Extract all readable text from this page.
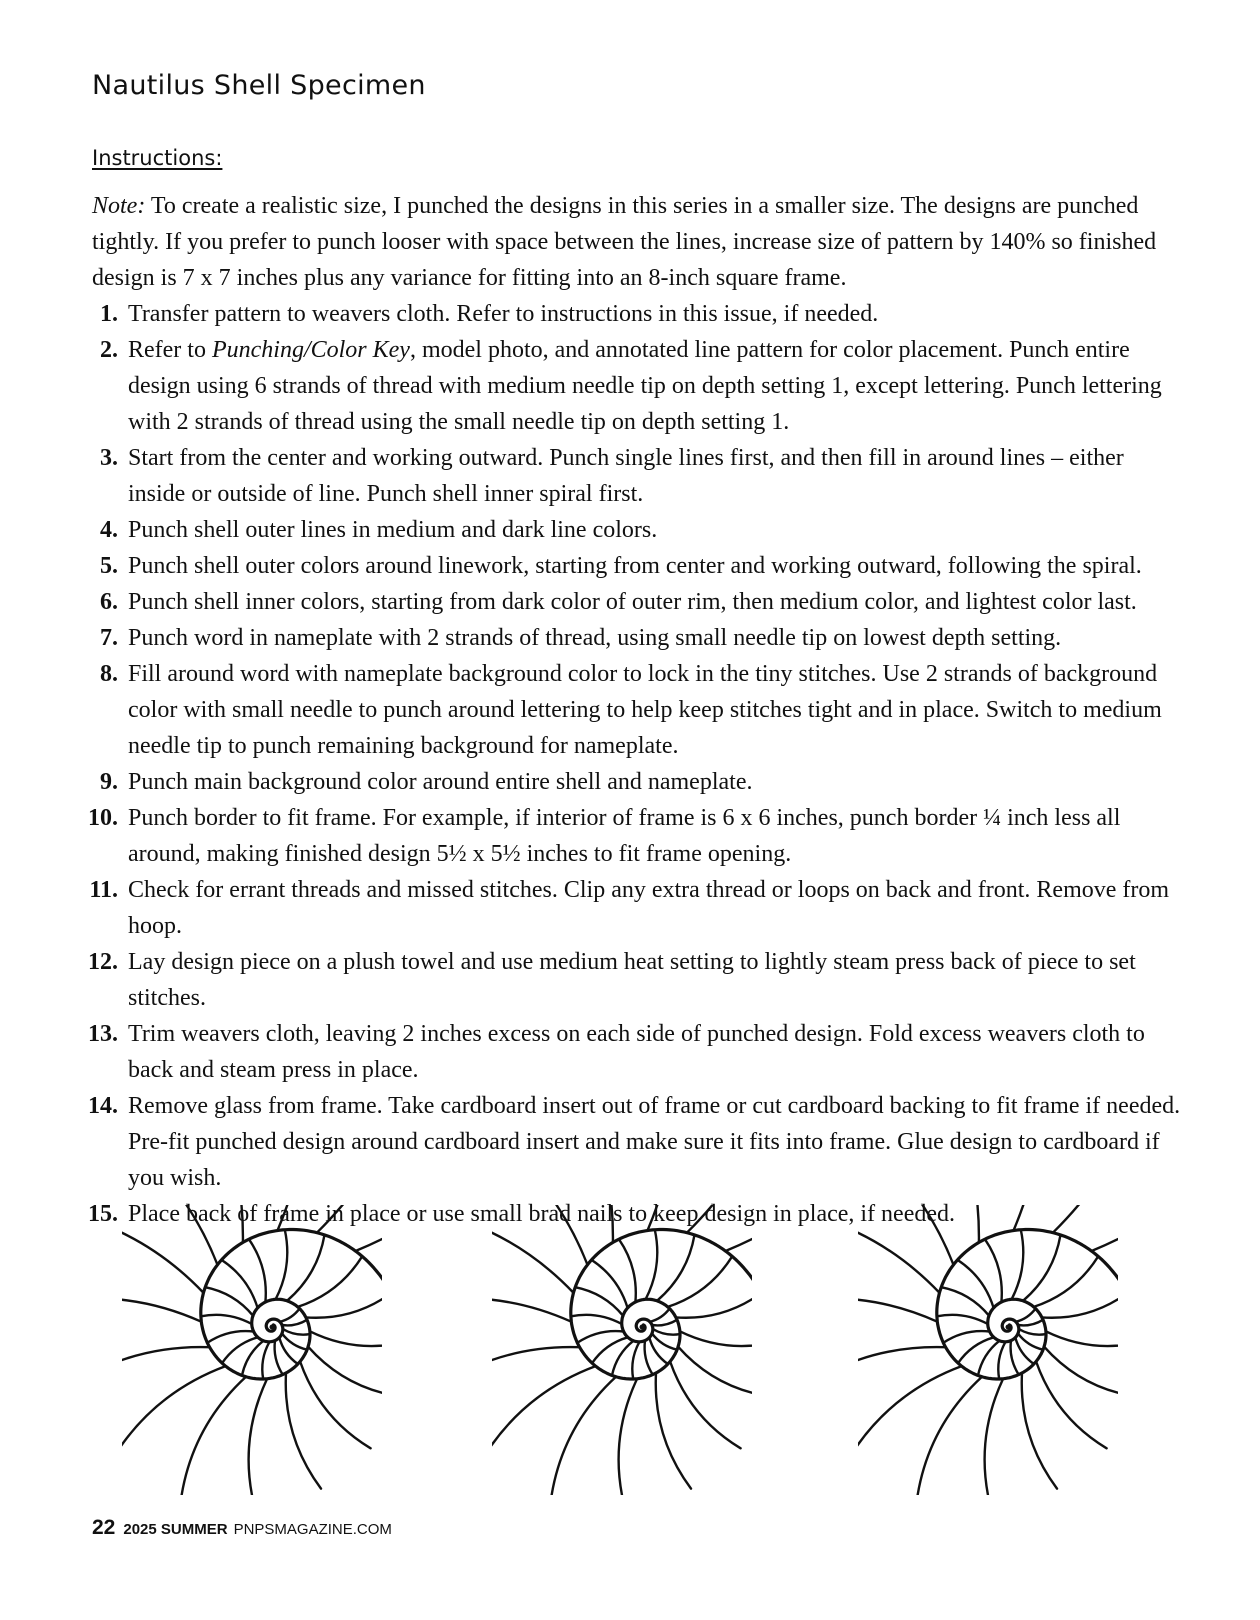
Nautilus Shell Specimen
Instructions:

Note: To create a realistic size, I punched the designs in this series in a smaller size. The designs are punched tightly. If you prefer to punch looser with space between the lines, increase size of pattern by 140% so finished design is 7 x 7 inches plus any variance for fitting into an 8-inch square frame.

1. Transfer pattern to weavers cloth. Refer to instructions in this issue, if needed.
2. Refer to Punching/Color Key, model photo, and annotated line pattern for color placement. Punch entire design using 6 strands of thread with medium needle tip on depth setting 1, except lettering. Punch lettering with 2 strands of thread using the small needle tip on depth setting 1.
3. Start from the center and working outward. Punch single lines first, and then fill in around lines – either inside or outside of line. Punch shell inner spiral first.
4. Punch shell outer lines in medium and dark line colors.
5. Punch shell outer colors around linework, starting from center and working outward, following the spiral.
6. Punch shell inner colors, starting from dark color of outer rim, then medium color, and lightest color last.
7. Punch word in nameplate with 2 strands of thread, using small needle tip on lowest depth setting.
8. Fill around word with nameplate background color to lock in the tiny stitches. Use 2 strands of background color with small needle to punch around lettering to help keep stitches tight and in place. Switch to medium needle tip to punch remaining background for nameplate.
9. Punch main background color around entire shell and nameplate.
10. Punch border to fit frame. For example, if interior of frame is 6 x 6 inches, punch border ¼ inch less all around, making finished design 5½ x 5½ inches to fit frame opening.
11. Check for errant threads and missed stitches. Clip any extra thread or loops on back and front. Remove from hoop.
12. Lay design piece on a plush towel and use medium heat setting to lightly steam press back of piece to set stitches.
13. Trim weavers cloth, leaving 2 inches excess on each side of punched design. Fold excess weavers cloth to back and steam press in place.
14. Remove glass from frame. Take cardboard insert out of frame or cut cardboard backing to fit frame if needed. Pre-fit punched design around cardboard insert and make sure it fits into frame. Glue design to cardboard if you wish.
15. Place back of frame in place or use small brad nails to keep design in place, if needed.
22 2025 SUMMER PNPSMAGAZINE.COM
